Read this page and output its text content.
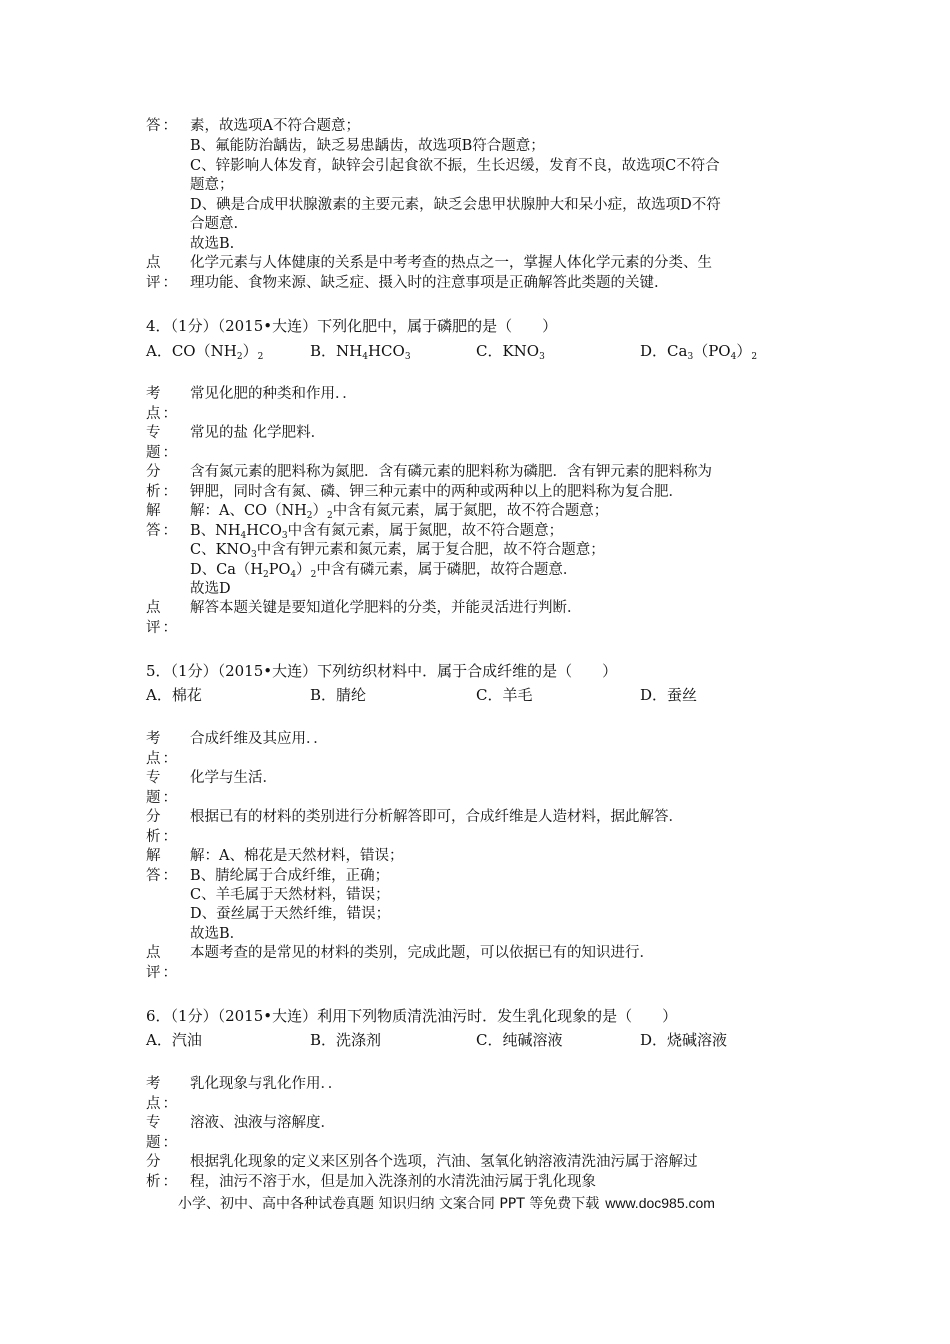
答： 素，故选项A不符合题意；
B、氟能防治龋齿，缺乏易患龋齿，故选项B符合题意；
C、锌影响人体发育，缺锌会引起食欲不振，生长迟缓，发育不良，故选项C不符合
题意；
D、碘是合成甲状腺激素的主要元素，缺乏会患甲状腺肿大和呆小症，故选项D不符
合题意.
故选B.
点
评：
化学元素与人体健康的关系是中考考查的热点之一，掌握人体化学元素的分类、生
理功能、食物来源、缺乏症、摄入时的注意事项是正确解答此类题的关键.
4．（1分）（2015•大连）下列化肥中，属于磷肥的是（　　）
A．$CO(NH_2)_2$	B．$NH_4HCO_3$	C．$KNO_3$	D．$Ca_3(PO_4)_2$
考
点：
常见化肥的种类和作用．．
专
题：
常见的盐 化学肥料．
分
析：
含有氮元素的肥料称为氮肥．含有磷元素的肥料称为磷肥．含有钾元素的肥料称为
钾肥，同时含有氮、磷、钾三种元素中的两种或两种以上的肥料称为复合肥．
解
答：
解：A、$CO(NH_2)_2$中含有氮元素，属于氮肥，故不符合题意；
B、$NH_4HCO_3$中含有氮元素，属于氮肥，故不符合题意；
C、$KNO_3$中含有钾元素和氮元素，属于复合肥，故不符合题意；
D、$Ca(H_2PO_4)_2$中含有磷元素，属于磷肥，故符合题意．
故选D
点
评：
解答本题关键是要知道化学肥料的分类，并能灵活进行判断．
5．（1分）（2015•大连）下列纺织材料中．属于合成纤维的是（　　）
A．棉花	B．腈纶	C．羊毛	D．蚕丝
考
点：
合成纤维及其应用．．
专
题：
化学与生活．
分
析：
根据已有的材料的类别进行分析解答即可，合成纤维是人造材料，据此解答．
解
答：
解：A、棉花是天然材料，错误；
B、腈纶属于合成纤维，正确；
C、羊毛属于天然材料，错误；
D、蚕丝属于天然纤维，错误；
故选B．
点
评：
本题考查的是常见的材料的类别，完成此题，可以依据已有的知识进行．
6．（1分）（2015•大连）利用下列物质清洗油污时．发生乳化现象的是（　　）
A．汽油	B．洗涤剂	C．纯碱溶液	D．烧碱溶液
考
点：
乳化现象与乳化作用．．
专
题：
溶液、浊液与溶解度．
分
析：
根据乳化现象的定义来区别各个选项，汽油、氢氧化钠溶液清洗油污属于溶解过
程，油污不溶于水，但是加入洗涤剂的水清洗油污属于乳化现象
小学、初中、高中各种试卷真题 知识归纳 文案合同 PPT 等免费下载 www.doc985.com
